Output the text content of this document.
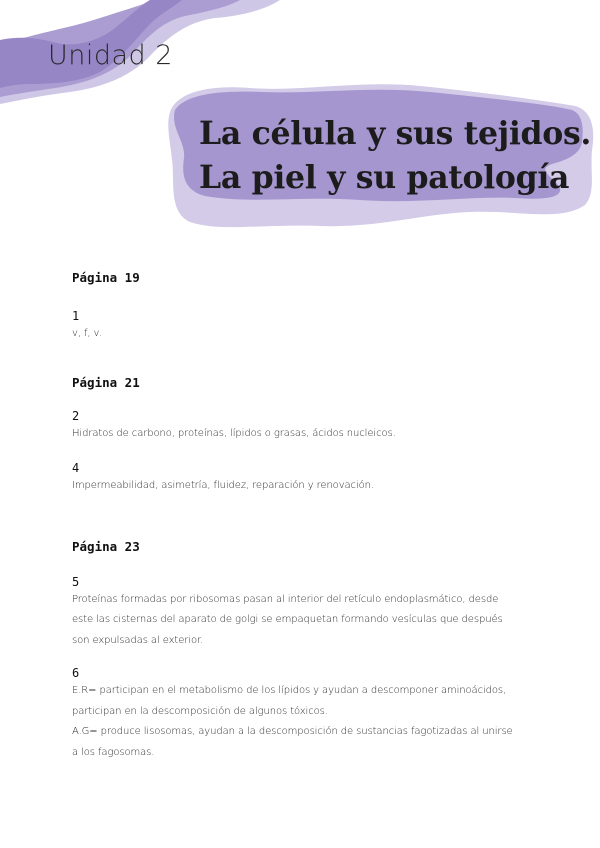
Unidad 2
La célula y sus tejidos.
La piel y su patología

Página 19

1

v, f, v.

Página 21

2

Hidratos de carbono, proteínas, lípidos o grasas, ácidos nucleicos.

4

Impermeabilidad, asimetría, fluidez, reparación y renovación.

Página 23

5

Proteínas formadas por ribosomas pasan al interior del retículo endoplasmático, desde

este las cisternas del aparato de golgi se empaquetan formando vesículas que después

son expulsadas al exterior.

6

E.R= participan en el metabolismo de los lípidos y ayudan a descomponer aminoácidos,

participan en la descomposición de algunos tóxicos.

A.G= produce lisosomas, ayudan a la descomposición de sustancias fagotizadas al unirse

a los fagosomas.
